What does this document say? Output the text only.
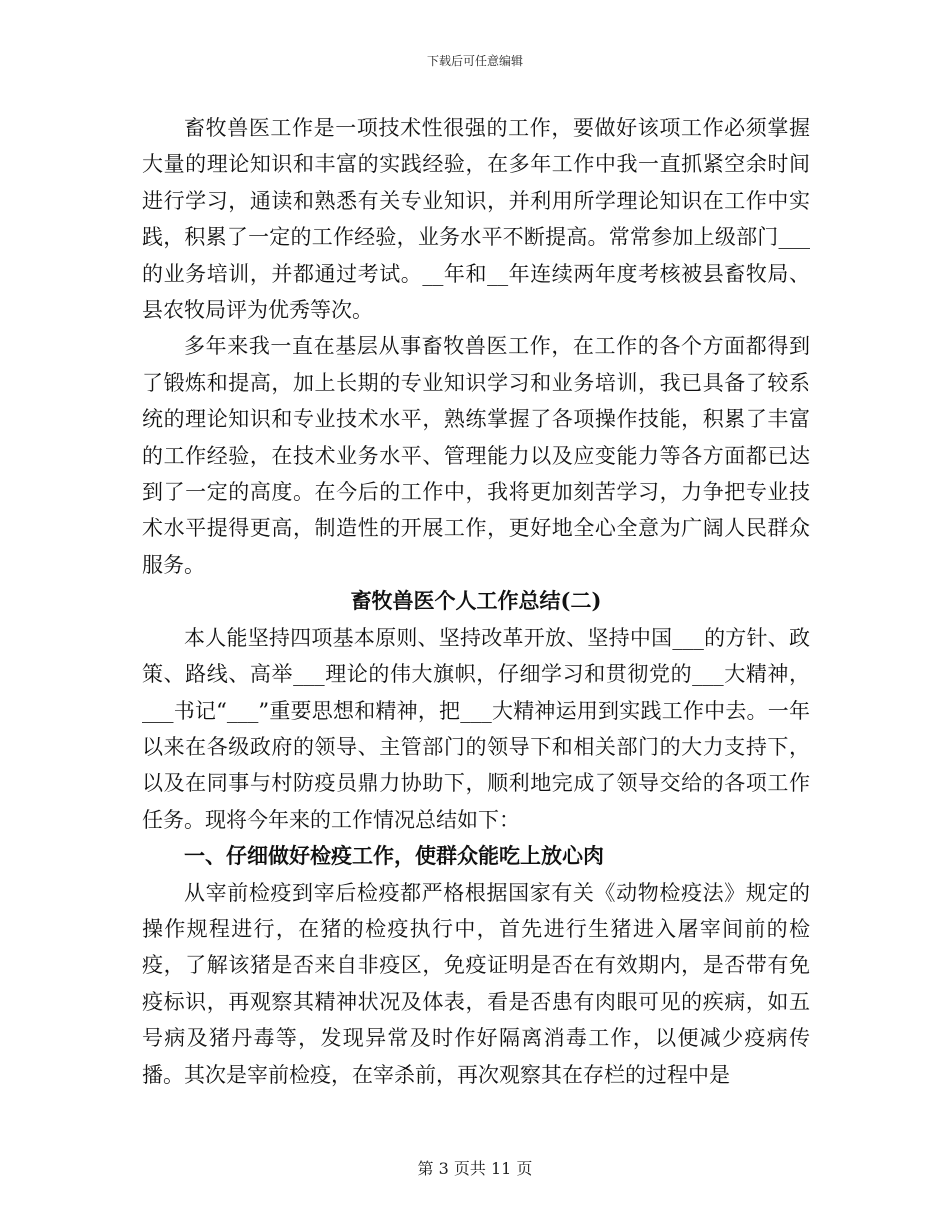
下载后可任意编辑

畜牧兽医工作是一项技术性很强的工作，要做好该项工作必须掌握大量的理论知识和丰富的实践经验，在多年工作中我一直抓紧空余时间进行学习，通读和熟悉有关专业知识，并利用所学理论知识在工作中实践，积累了一定的工作经验，业务水平不断提高。常常参加上级部门___的业务培训，并都通过考试。__年和__年连续两年度考核被县畜牧局、县农牧局评为优秀等次。

多年来我一直在基层从事畜牧兽医工作，在工作的各个方面都得到了锻炼和提高，加上长期的专业知识学习和业务培训，我已具备了较系统的理论知识和专业技术水平，熟练掌握了各项操作技能，积累了丰富的工作经验，在技术业务水平、管理能力以及应变能力等各方面都已达到了一定的高度。在今后的工作中，我将更加刻苦学习，力争把专业技术水平提得更高，制造性的开展工作，更好地全心全意为广阔人民群众服务。

畜牧兽医个人工作总结(二)

本人能坚持四项基本原则、坚持改革开放、坚持中国___的方针、政策、路线、高举___理论的伟大旗帜，仔细学习和贯彻党的___大精神，___书记“___”重要思想和精神，把___大精神运用到实践工作中去。一年以来在各级政府的领导、主管部门的领导下和相关部门的大力支持下，以及在同事与村防疫员鼎力协助下，顺利地完成了领导交给的各项工作任务。现将今年来的工作情况总结如下：

一、仔细做好检疫工作，使群众能吃上放心肉

从宰前检疫到宰后检疫都严格根据国家有关《动物检疫法》规定的操作规程进行，在猪的检疫执行中，首先进行生猪进入屠宰间前的检疫，了解该猪是否来自非疫区，免疫证明是否在有效期内，是否带有免疫标识，再观察其精神状况及体表，看是否患有肉眼可见的疾病，如五号病及猪丹毒等，发现异常及时作好隔离消毒工作，以便减少疫病传播。其次是宰前检疫，在宰杀前，再次观察其在存栏的过程中是

第 3 页共 11 页
